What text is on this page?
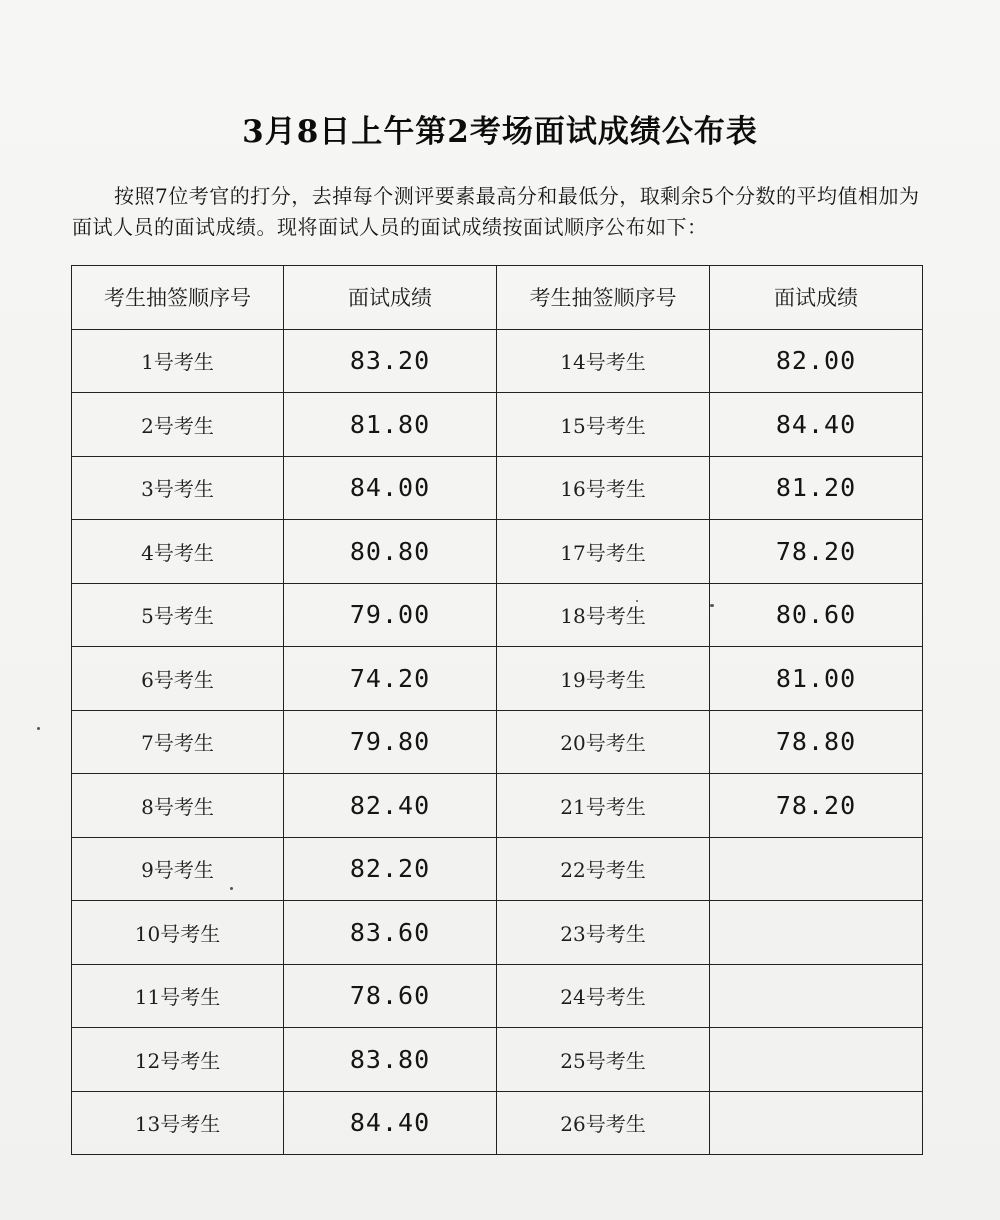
3月8日上午第2考场面试成绩公布表
按照7位考官的打分，去掉每个测评要素最高分和最低分，取剩余5个分数的平均值相加为面试人员的面试成绩。现将面试人员的面试成绩按面试顺序公布如下：
考生抽签顺序号	面试成绩	考生抽签顺序号	面试成绩
1号考生	83.20	14号考生	82.00
2号考生	81.80	15号考生	84.40
3号考生	84.00	16号考生	81.20
4号考生	80.80	17号考生	78.20
5号考生	79.00	18号考生	80.60
6号考生	74.20	19号考生	81.00
7号考生	79.80	20号考生	78.80
8号考生	82.40	21号考生	78.20
9号考生	82.20	22号考生	
10号考生	83.60	23号考生	
11号考生	78.60	24号考生	
12号考生	83.80	25号考生	
13号考生	84.40	26号考生	
